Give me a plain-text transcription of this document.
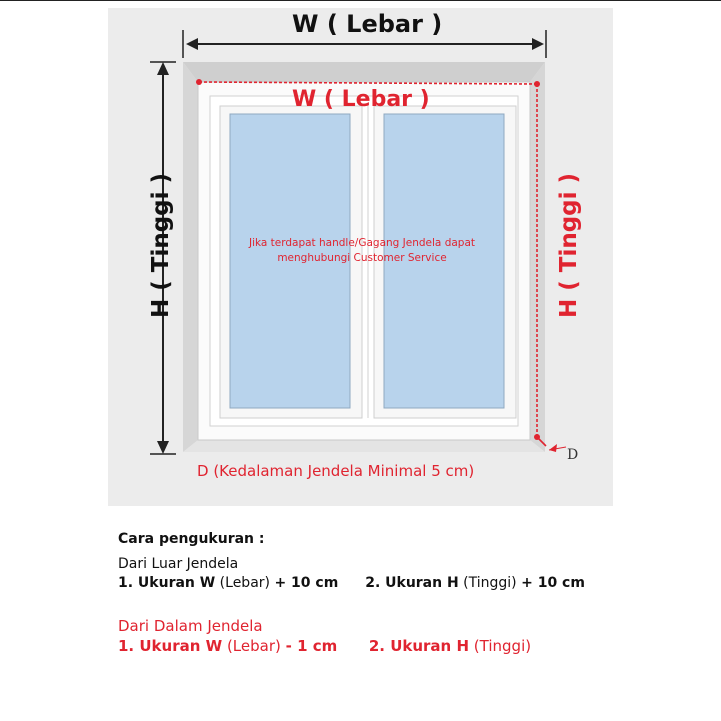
W ( Lebar )
W ( Lebar )
H ( Tinggi )	H ( Tinggi )
Jika terdapat handle/Gagang Jendela dapat menghubungi Customer Service
D (Kedalaman Jendela Minimal 5 cm)
D
Cara pengukuran :
Dari Luar Jendela
1. Ukuran W (Lebar) + 10 cm 2. Ukuran H (Tinggi) + 10 cm
Dari Dalam Jendela
1. Ukuran W (Lebar) - 1 cm 2. Ukuran H (Tinggi)
